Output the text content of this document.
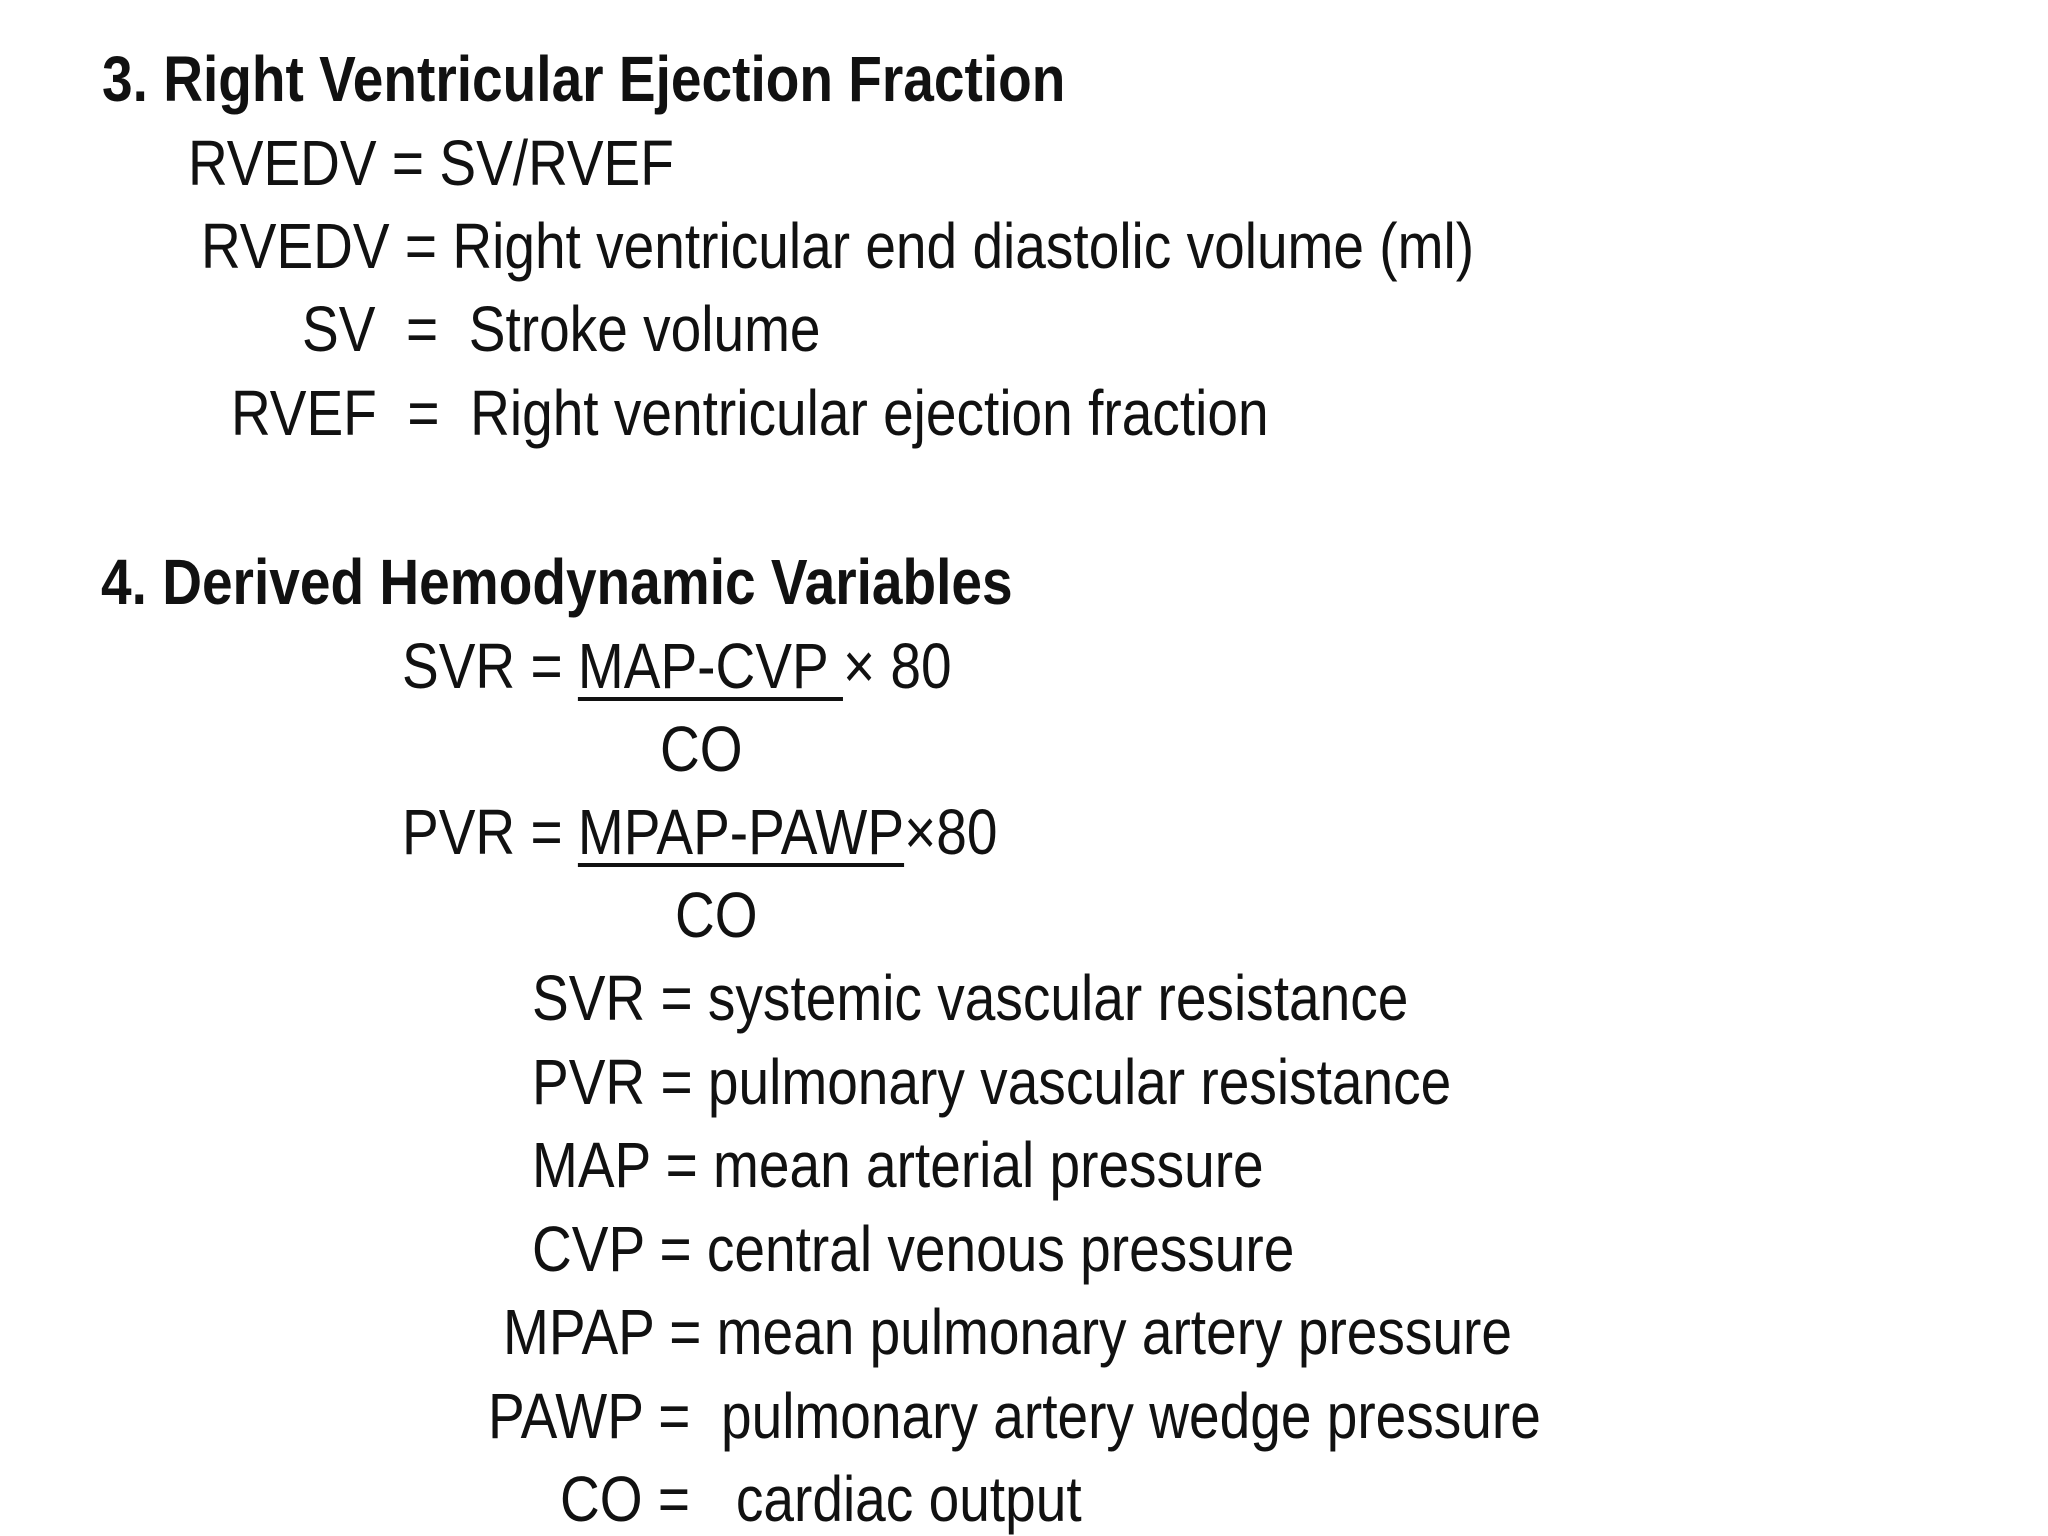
3. Right Ventricular Ejection Fraction
RVEDV = SV/RVEF
RVEDV = Right ventricular end diastolic volume (ml)
SV  =  Stroke volume
RVEF  =  Right ventricular ejection fraction
4. Derived Hemodynamic Variables
SVR = MAP-CVP × 80
CO
PVR = MPAP-PAWP×80
CO
SVR = systemic vascular resistance
PVR = pulmonary vascular resistance
MAP = mean arterial pressure
CVP = central venous pressure
MPAP = mean pulmonary artery pressure
PAWP =  pulmonary artery wedge pressure
CO =   cardiac output
